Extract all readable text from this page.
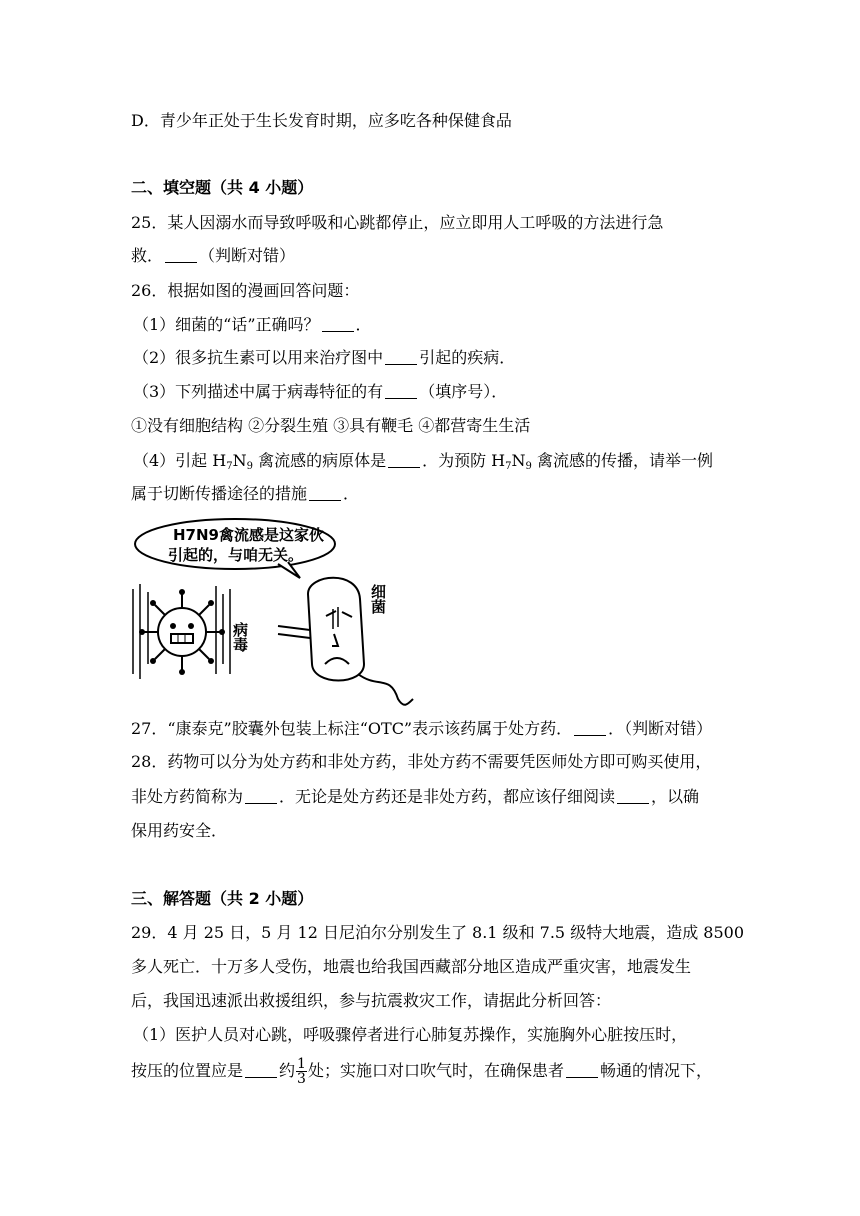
D．青少年正处于生长发育时期，应多吃各种保健食品
二、填空题（共 4 小题）
25．某人因溺水而导致呼吸和心跳都停止，应立即用人工呼吸的方法进行急
救． （判断对错）
26．根据如图的漫画回答问题：
（1）细菌的“话”正确吗？ ．
（2）很多抗生素可以用来治疗图中 引起的疾病．
（3）下列描述中属于病毒特征的有 （填序号）．
①没有细胞结构 ②分裂生殖 ③具有鞭毛 ④都营寄生生活
（4）引起 $H_7N_9$ 禽流感的病原体是 ．为预防 $H_7N_9$ 禽流感的传播，请举一例
属于切断传播途径的措施 ．
H7N9禽流感是这家伙
引起的，与咱无关。
病毒
细菌
27．“康泰克”胶囊外包装上标注“OTC”表示该药属于处方药． ．（判断对错）
28．药物可以分为处方药和非处方药，非处方药不需要凭医师处方即可购买使用，
非处方药简称为 ．无论是处方药还是非处方药，都应该仔细阅读 ，以确
保用药安全．
三、解答题（共 2 小题）
29．4 月 25 日，5 月 12 日尼泊尔分别发生了 8.1 级和 7.5 级特大地震，造成 8500
多人死亡．十万多人受伤，地震也给我国西藏部分地区造成严重灾害，地震发生
后，我国迅速派出救援组织，参与抗震救灾工作，请据此分析回答：
（1）医护人员对心跳，呼吸骤停者进行心肺复苏操作，实施胸外心脏按压时，
按压的位置应是 约 $\frac{1}{3}$ 处；实施口对口吹气时，在确保患者 畅通的情况下，
